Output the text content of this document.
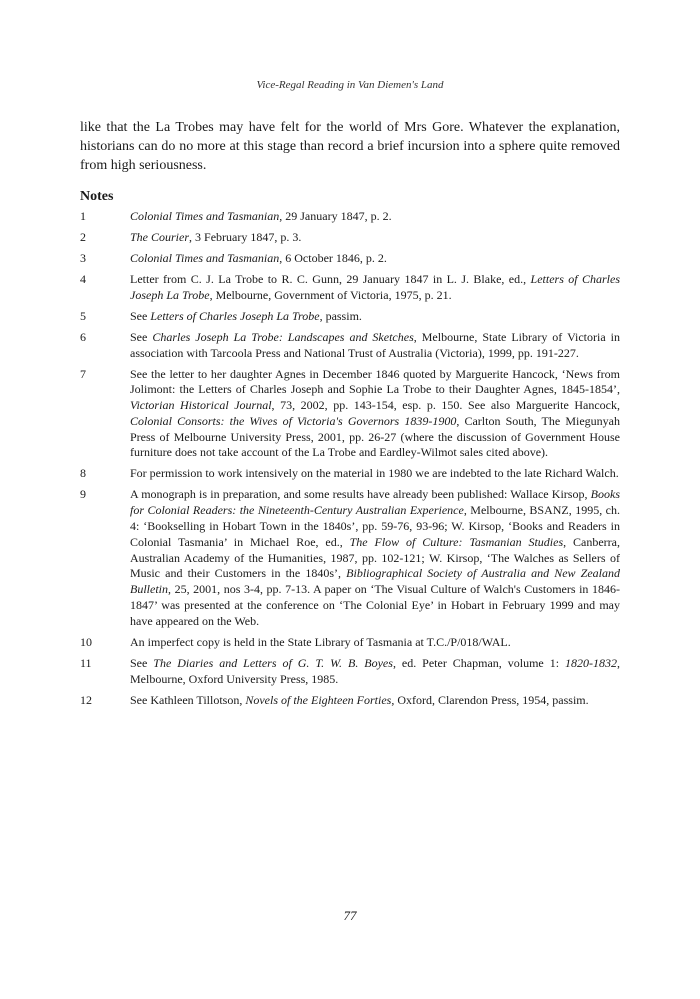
Vice-Regal Reading in Van Diemen's Land

like that the La Trobes may have felt for the world of Mrs Gore. Whatever the explanation, historians can do no more at this stage than record a brief incursion into a sphere quite removed from high seriousness.

Notes
1	Colonial Times and Tasmanian, 29 January 1847, p. 2.
2	The Courier, 3 February 1847, p. 3.
3	Colonial Times and Tasmanian, 6 October 1846, p. 2.
4	Letter from C. J. La Trobe to R. C. Gunn, 29 January 1847 in L. J. Blake, ed., Letters of Charles Joseph La Trobe, Melbourne, Government of Victoria, 1975, p. 21.
5	See Letters of Charles Joseph La Trobe, passim.
6	See Charles Joseph La Trobe: Landscapes and Sketches, Melbourne, State Library of Victoria in association with Tarcoola Press and National Trust of Australia (Victoria), 1999, pp. 191-227.
7	See the letter to her daughter Agnes in December 1846 quoted by Marguerite Hancock, ‘News from Jolimont: the Letters of Charles Joseph and Sophie La Trobe to their Daughter Agnes, 1845-1854’, Victorian Historical Journal, 73, 2002, pp. 143-154, esp. p. 150. See also Marguerite Hancock, Colonial Consorts: the Wives of Victoria's Governors 1839-1900, Carlton South, The Miegunyah Press of Melbourne University Press, 2001, pp. 26-27 (where the discussion of Government House furniture does not take account of the La Trobe and Eardley-Wilmot sales cited above).
8	For permission to work intensively on the material in 1980 we are indebted to the late Richard Walch.
9	A monograph is in preparation, and some results have already been published: Wallace Kirsop, Books for Colonial Readers: the Nineteenth-Century Australian Experience, Melbourne, BSANZ, 1995, ch. 4: ‘Bookselling in Hobart Town in the 1840s’, pp. 59-76, 93-96; W. Kirsop, ‘Books and Readers in Colonial Tasmania’ in Michael Roe, ed., The Flow of Culture: Tasmanian Studies, Canberra, Australian Academy of the Humanities, 1987, pp. 102-121; W. Kirsop, ‘The Walches as Sellers of Music and their Customers in the 1840s’, Bibliographical Society of Australia and New Zealand Bulletin, 25, 2001, nos 3-4, pp. 7-13. A paper on ‘The Visual Culture of Walch's Customers in 1846-1847’ was presented at the conference on ‘The Colonial Eye’ in Hobart in February 1999 and may have appeared on the Web.
10	An imperfect copy is held in the State Library of Tasmania at T.C./P/018/WAL.
11	See The Diaries and Letters of G. T. W. B. Boyes, ed. Peter Chapman, volume 1: 1820-1832, Melbourne, Oxford University Press, 1985.
12	See Kathleen Tillotson, Novels of the Eighteen Forties, Oxford, Clarendon Press, 1954, passim.
77
